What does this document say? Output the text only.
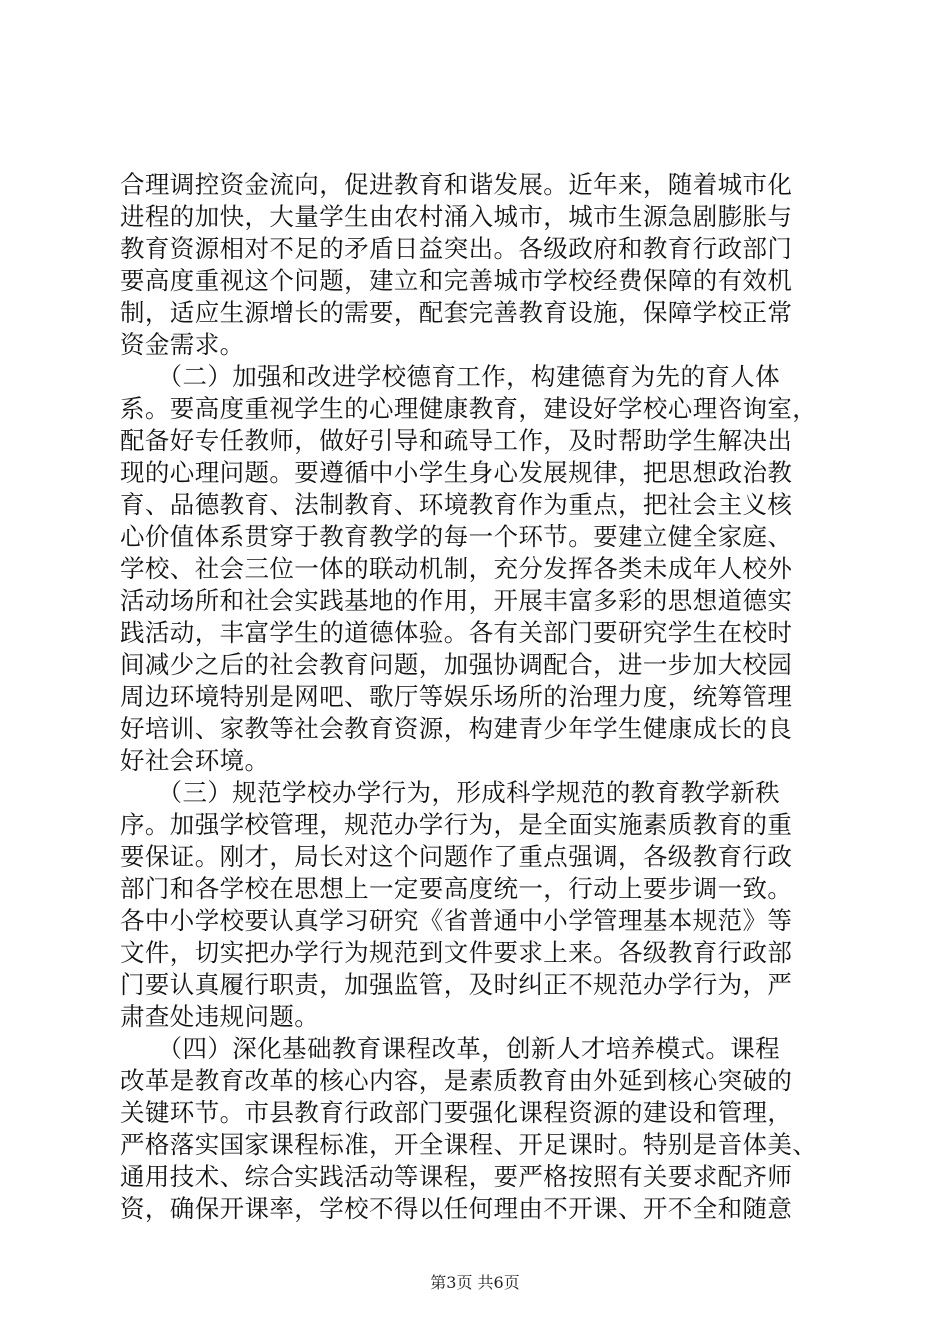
合理调控资金流向，促进教育和谐发展。近年来，随着城市化
进程的加快，大量学生由农村涌入城市，城市生源急剧膨胀与
教育资源相对不足的矛盾日益突出。各级政府和教育行政部门
要高度重视这个问题，建立和完善城市学校经费保障的有效机
制，适应生源增长的需要，配套完善教育设施，保障学校正常
资金需求。
　　（二）加强和改进学校德育工作，构建德育为先的育人体
系。要高度重视学生的心理健康教育，建设好学校心理咨询室，
配备好专任教师，做好引导和疏导工作，及时帮助学生解决出
现的心理问题。要遵循中小学生身心发展规律，把思想政治教
育、品德教育、法制教育、环境教育作为重点，把社会主义核
心价值体系贯穿于教育教学的每一个环节。要建立健全家庭、
学校、社会三位一体的联动机制，充分发挥各类未成年人校外
活动场所和社会实践基地的作用，开展丰富多彩的思想道德实
践活动，丰富学生的道德体验。各有关部门要研究学生在校时
间减少之后的社会教育问题，加强协调配合，进一步加大校园
周边环境特别是网吧、歌厅等娱乐场所的治理力度，统筹管理
好培训、家教等社会教育资源，构建青少年学生健康成长的良
好社会环境。
　　（三）规范学校办学行为，形成科学规范的教育教学新秩
序。加强学校管理，规范办学行为，是全面实施素质教育的重
要保证。刚才，局长对这个问题作了重点强调，各级教育行政
部门和各学校在思想上一定要高度统一，行动上要步调一致。
各中小学校要认真学习研究《省普通中小学管理基本规范》等
文件，切实把办学行为规范到文件要求上来。各级教育行政部
门要认真履行职责，加强监管，及时纠正不规范办学行为，严
肃查处违规问题。
　　（四）深化基础教育课程改革，创新人才培养模式。课程
改革是教育改革的核心内容，是素质教育由外延到核心突破的
关键环节。市县教育行政部门要强化课程资源的建设和管理，
严格落实国家课程标准，开全课程、开足课时。特别是音体美、
通用技术、综合实践活动等课程，要严格按照有关要求配齐师
资，确保开课率，学校不得以任何理由不开课、开不全和随意
第3页 共6页
